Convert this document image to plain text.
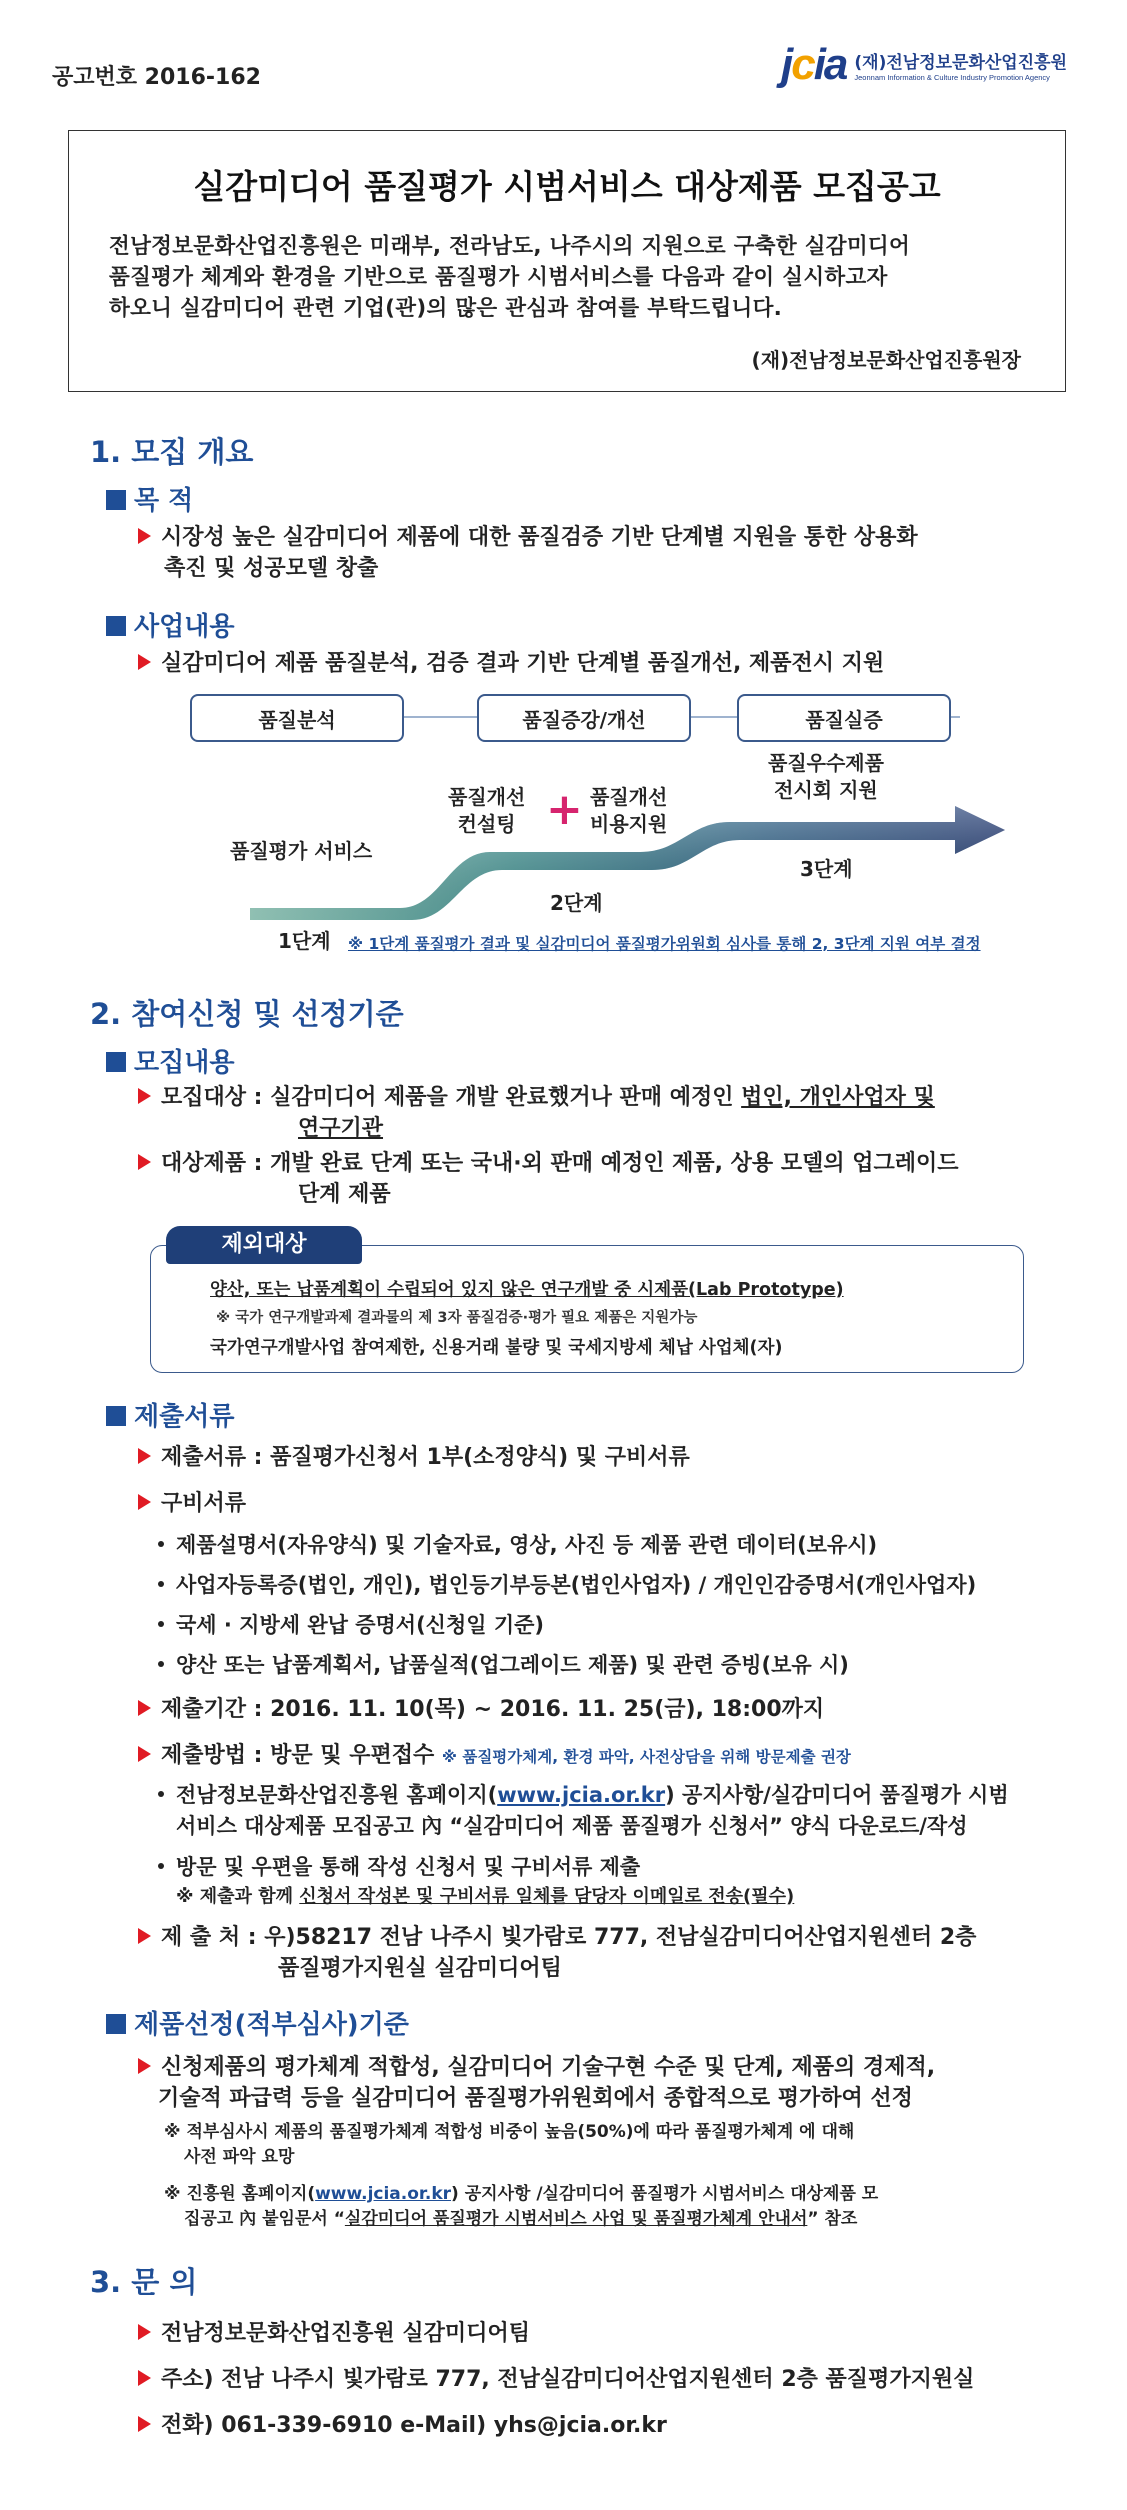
공고번호 2016-162	jcia (재)전남정보문화산업진흥원
Jeonnam Information & Culture Industry Promotion Agency
실감미디어 품질평가 시범서비스 대상제품 모집공고
전남정보문화산업진흥원은 미래부, 전라남도, 나주시의 지원으로 구축한 실감미디어
품질평가 체계와 환경을 기반으로 품질평가 시범서비스를 다음과 같이 실시하고자
하오니 실감미디어 관련 기업(관)의 많은 관심과 참여를 부탁드립니다.
(재)전남정보문화산업진흥원장
1. 모집 개요
목 적
시장성 높은 실감미디어 제품에 대한 품질검증 기반 단계별 지원을 통한 상용화
촉진 및 성공모델 창출
사업내용
실감미디어 제품 품질분석, 검증 결과 기반 단계별 품질개선, 제품전시 지원
품질분석	품질증강/개선	품질실증
품질평가 서비스
품질개선
컨설팅 + 품질개선
비용지원
품질우수제품
전시회 지원
2단계
3단계
1단계 ※ 1단계 품질평가 결과 및 실감미디어 품질평가위원회 심사를 통해 2, 3단계 지원 여부 결정
2. 참여신청 및 선정기준
모집내용
모집대상 : 실감미디어 제품을 개발 완료했거나 판매 예정인 법인, 개인사업자 및
연구기관
대상제품 : 개발 완료 단계 또는 국내·외 판매 예정인 제품, 상용 모델의 업그레이드
단계 제품
제외대상
양산, 또는 납품계획이 수립되어 있지 않은 연구개발 중 시제품(Lab Prototype)
※ 국가 연구개발과제 결과물의 제 3자 품질검증·평가 필요 제품은 지원가능
국가연구개발사업 참여제한, 신용거래 불량 및 국세지방세 체납 사업체(자)
제출서류
제출서류 : 품질평가신청서 1부(소정양식) 및 구비서류
구비서류
제품설명서(자유양식) 및 기술자료, 영상, 사진 등 제품 관련 데이터(보유시)
사업자등록증(법인, 개인), 법인등기부등본(법인사업자) / 개인인감증명서(개인사업자)
국세 · 지방세 완납 증명서(신청일 기준)
양산 또는 납품계획서, 납품실적(업그레이드 제품) 및 관련 증빙(보유 시)
제출기간 : 2016. 11. 10(목) ~ 2016. 11. 25(금), 18:00까지
제출방법 : 방문 및 우편접수 ※ 품질평가체계, 환경 파악, 사전상담을 위해 방문제출 권장
전남정보문화산업진흥원 홈페이지(www.jcia.or.kr) 공지사항/실감미디어 품질평가 시범
서비스 대상제품 모집공고 內 “실감미디어 제품 품질평가 신청서” 양식 다운로드/작성
방문 및 우편을 통해 작성 신청서 및 구비서류 제출
※ 제출과 함께 신청서 작성본 및 구비서류 일체를 담당자 이메일로 전송(필수)
제 출 처 : 우)58217 전남 나주시 빛가람로 777, 전남실감미디어산업지원센터 2층
품질평가지원실 실감미디어팀
제품선정(적부심사)기준
신청제품의 평가체계 적합성, 실감미디어 기술구현 수준 및 단계, 제품의 경제적,
기술적 파급력 등을 실감미디어 품질평가위원회에서 종합적으로 평가하여 선정
※ 적부심사시 제품의 품질평가체계 적합성 비중이 높음(50%)에 따라 품질평가체계 에 대해
사전 파악 요망
※ 진흥원 홈페이지(www.jcia.or.kr) 공지사항 /실감미디어 품질평가 시범서비스 대상제품 모
집공고 內 붙임문서 “실감미디어 품질평가 시범서비스 사업 및 품질평가체계 안내서” 참조
3. 문 의
전남정보문화산업진흥원 실감미디어팀
주소) 전남 나주시 빛가람로 777, 전남실감미디어산업지원센터 2층 품질평가지원실
전화) 061-339-6910 e-Mail) yhs@jcia.or.kr
